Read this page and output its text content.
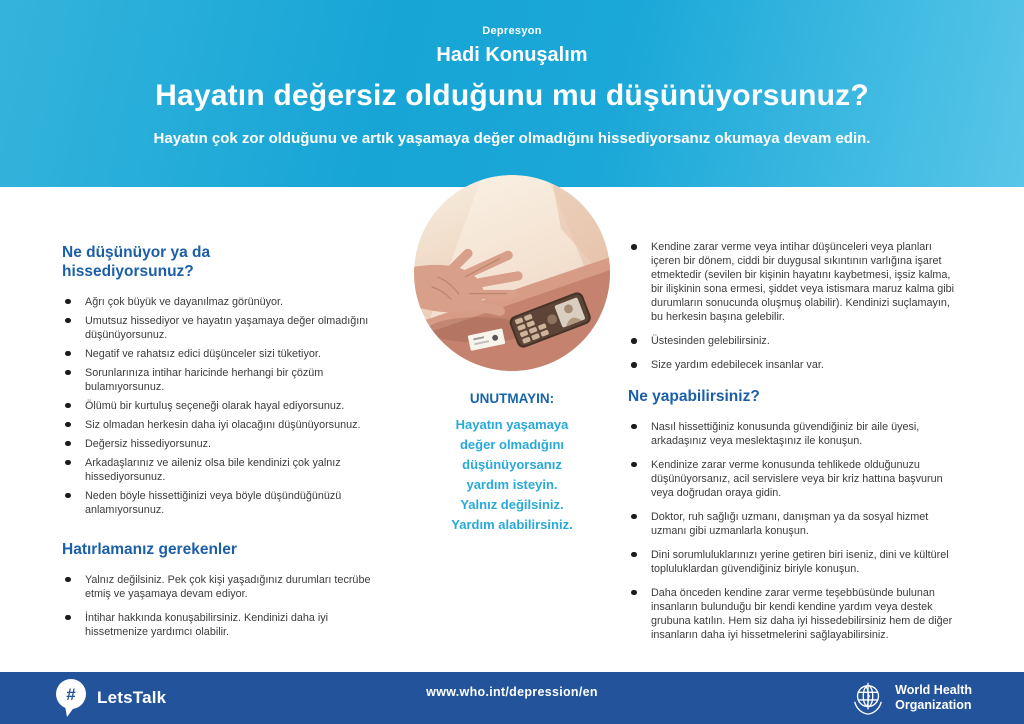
Depresyon
Hadi Konuşalım
Hayatın değersiz olduğunu mu düşünüyorsunuz?
Hayatın çok zor olduğunu ve artık yaşamaya değer olmadığını hissediyorsanız okumaya devam edin.
Ne düşünüyor ya da hissediyorsunuz?
Ağrı çok büyük ve dayanılmaz görünüyor.
Umutsuz hissediyor ve hayatın yaşamaya değer olmadığını düşünüyorsunuz.
Negatif ve rahatsız edici düşünceler sizi tüketiyor.
Sorunlarınıza intihar haricinde herhangi bir çözüm bulamıyorsunuz.
Ölümü bir kurtuluş seçeneği olarak hayal ediyorsunuz.
Siz olmadan herkesin daha iyi olacağını düşünüyorsunuz.
Değersiz hissediyorsunuz.
Arkadaşlarınız ve aileniz olsa bile kendinizi çok yalnız hissediyorsunuz.
Neden böyle hissettiğinizi veya böyle düşündüğünüzü anlamıyorsunuz.
Hatırlamanız gerekenler
Yalnız değilsiniz. Pek çok kişi yaşadığınız durumları tecrübe etmiş ve yaşamaya devam ediyor.
İntihar hakkında konuşabilirsiniz. Kendinizi daha iyi hissetmenize yardımcı olabilir.
UNUTMAYIN:
Hayatın yaşamaya
değer olmadığını
düşünüyorsanız
yardım isteyin.
Yalnız değilsiniz.
Yardım alabilirsiniz.
Kendine zarar verme veya intihar düşünceleri veya planları içeren bir dönem, ciddi bir duygusal sıkıntının varlığına işaret etmektedir (sevilen bir kişinin hayatını kaybetmesi, işsiz kalma, bir ilişkinin sona ermesi, şiddet veya istismara maruz kalma gibi durumların sonucunda oluşmuş olabilir). Kendinizi suçlamayın, bu herkesin başına gelebilir.
Üstesinden gelebilirsiniz.
Size yardım edebilecek insanlar var.
Ne yapabilirsiniz?
Nasıl hissettiğiniz konusunda güvendiğiniz bir aile üyesi, arkadaşınız veya meslektaşınız ile konuşun.
Kendinize zarar verme konusunda tehlikede olduğunuzu düşünüyorsanız, acil servislere veya bir kriz hattına başvurun veya doğrudan oraya gidin.
Doktor, ruh sağlığı uzmanı, danışman ya da sosyal hizmet uzmanı gibi uzmanlarla konuşun.
Dini sorumluluklarınızı yerine getiren biri iseniz, dini ve kültürel topluluklardan güvendiğiniz biriyle konuşun.
Daha önceden kendine zarar verme teşebbüsünde bulunan insanların bulunduğu bir kendi kendine yardım veya destek grubuna katılın. Hem siz daha iyi hissedebilirsiniz hem de diğer insanların daha iyi hissetmelerini sağlayabilirsiniz.
# LetsTalk	www.who.int/depression/en	World Health
Organization
